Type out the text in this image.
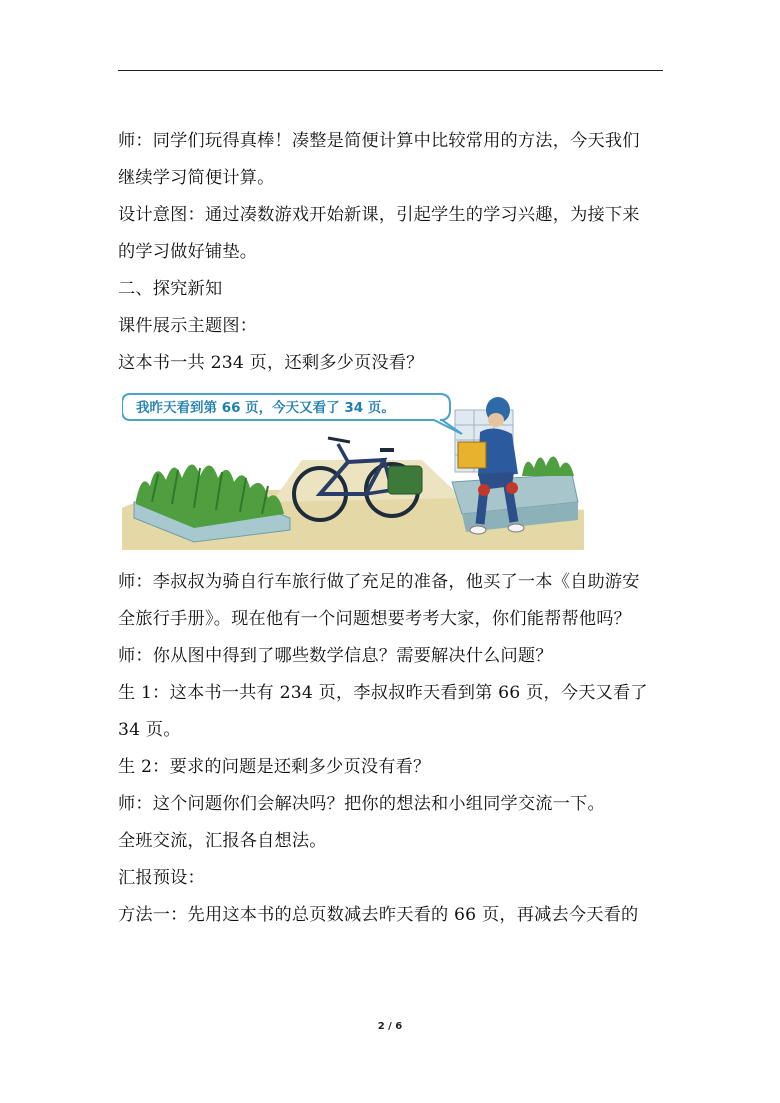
师：同学们玩得真棒！凑整是简便计算中比较常用的方法，今天我们

继续学习简便计算。

设计意图：通过凑数游戏开始新课，引起学生的学习兴趣，为接下来

的学习做好铺垫。

二、探究新知

课件展示主题图：

这本书一共 234 页，还剩多少页没看？

我昨天看到第 66 页，今天又看了 34 页。

师：李叔叔为骑自行车旅行做了充足的准备，他买了一本《自助游安

全旅行手册》。现在他有一个问题想要考考大家，你们能帮帮他吗？

师：你从图中得到了哪些数学信息？需要解决什么问题？

生 1：这本书一共有 234 页，李叔叔昨天看到第 66 页，今天又看了

34 页。

生 2：要求的问题是还剩多少页没有看？

师：这个问题你们会解决吗？把你的想法和小组同学交流一下。

全班交流，汇报各自想法。

汇报预设：

方法一：先用这本书的总页数减去昨天看的 66 页，再减去今天看的

2 / 6
